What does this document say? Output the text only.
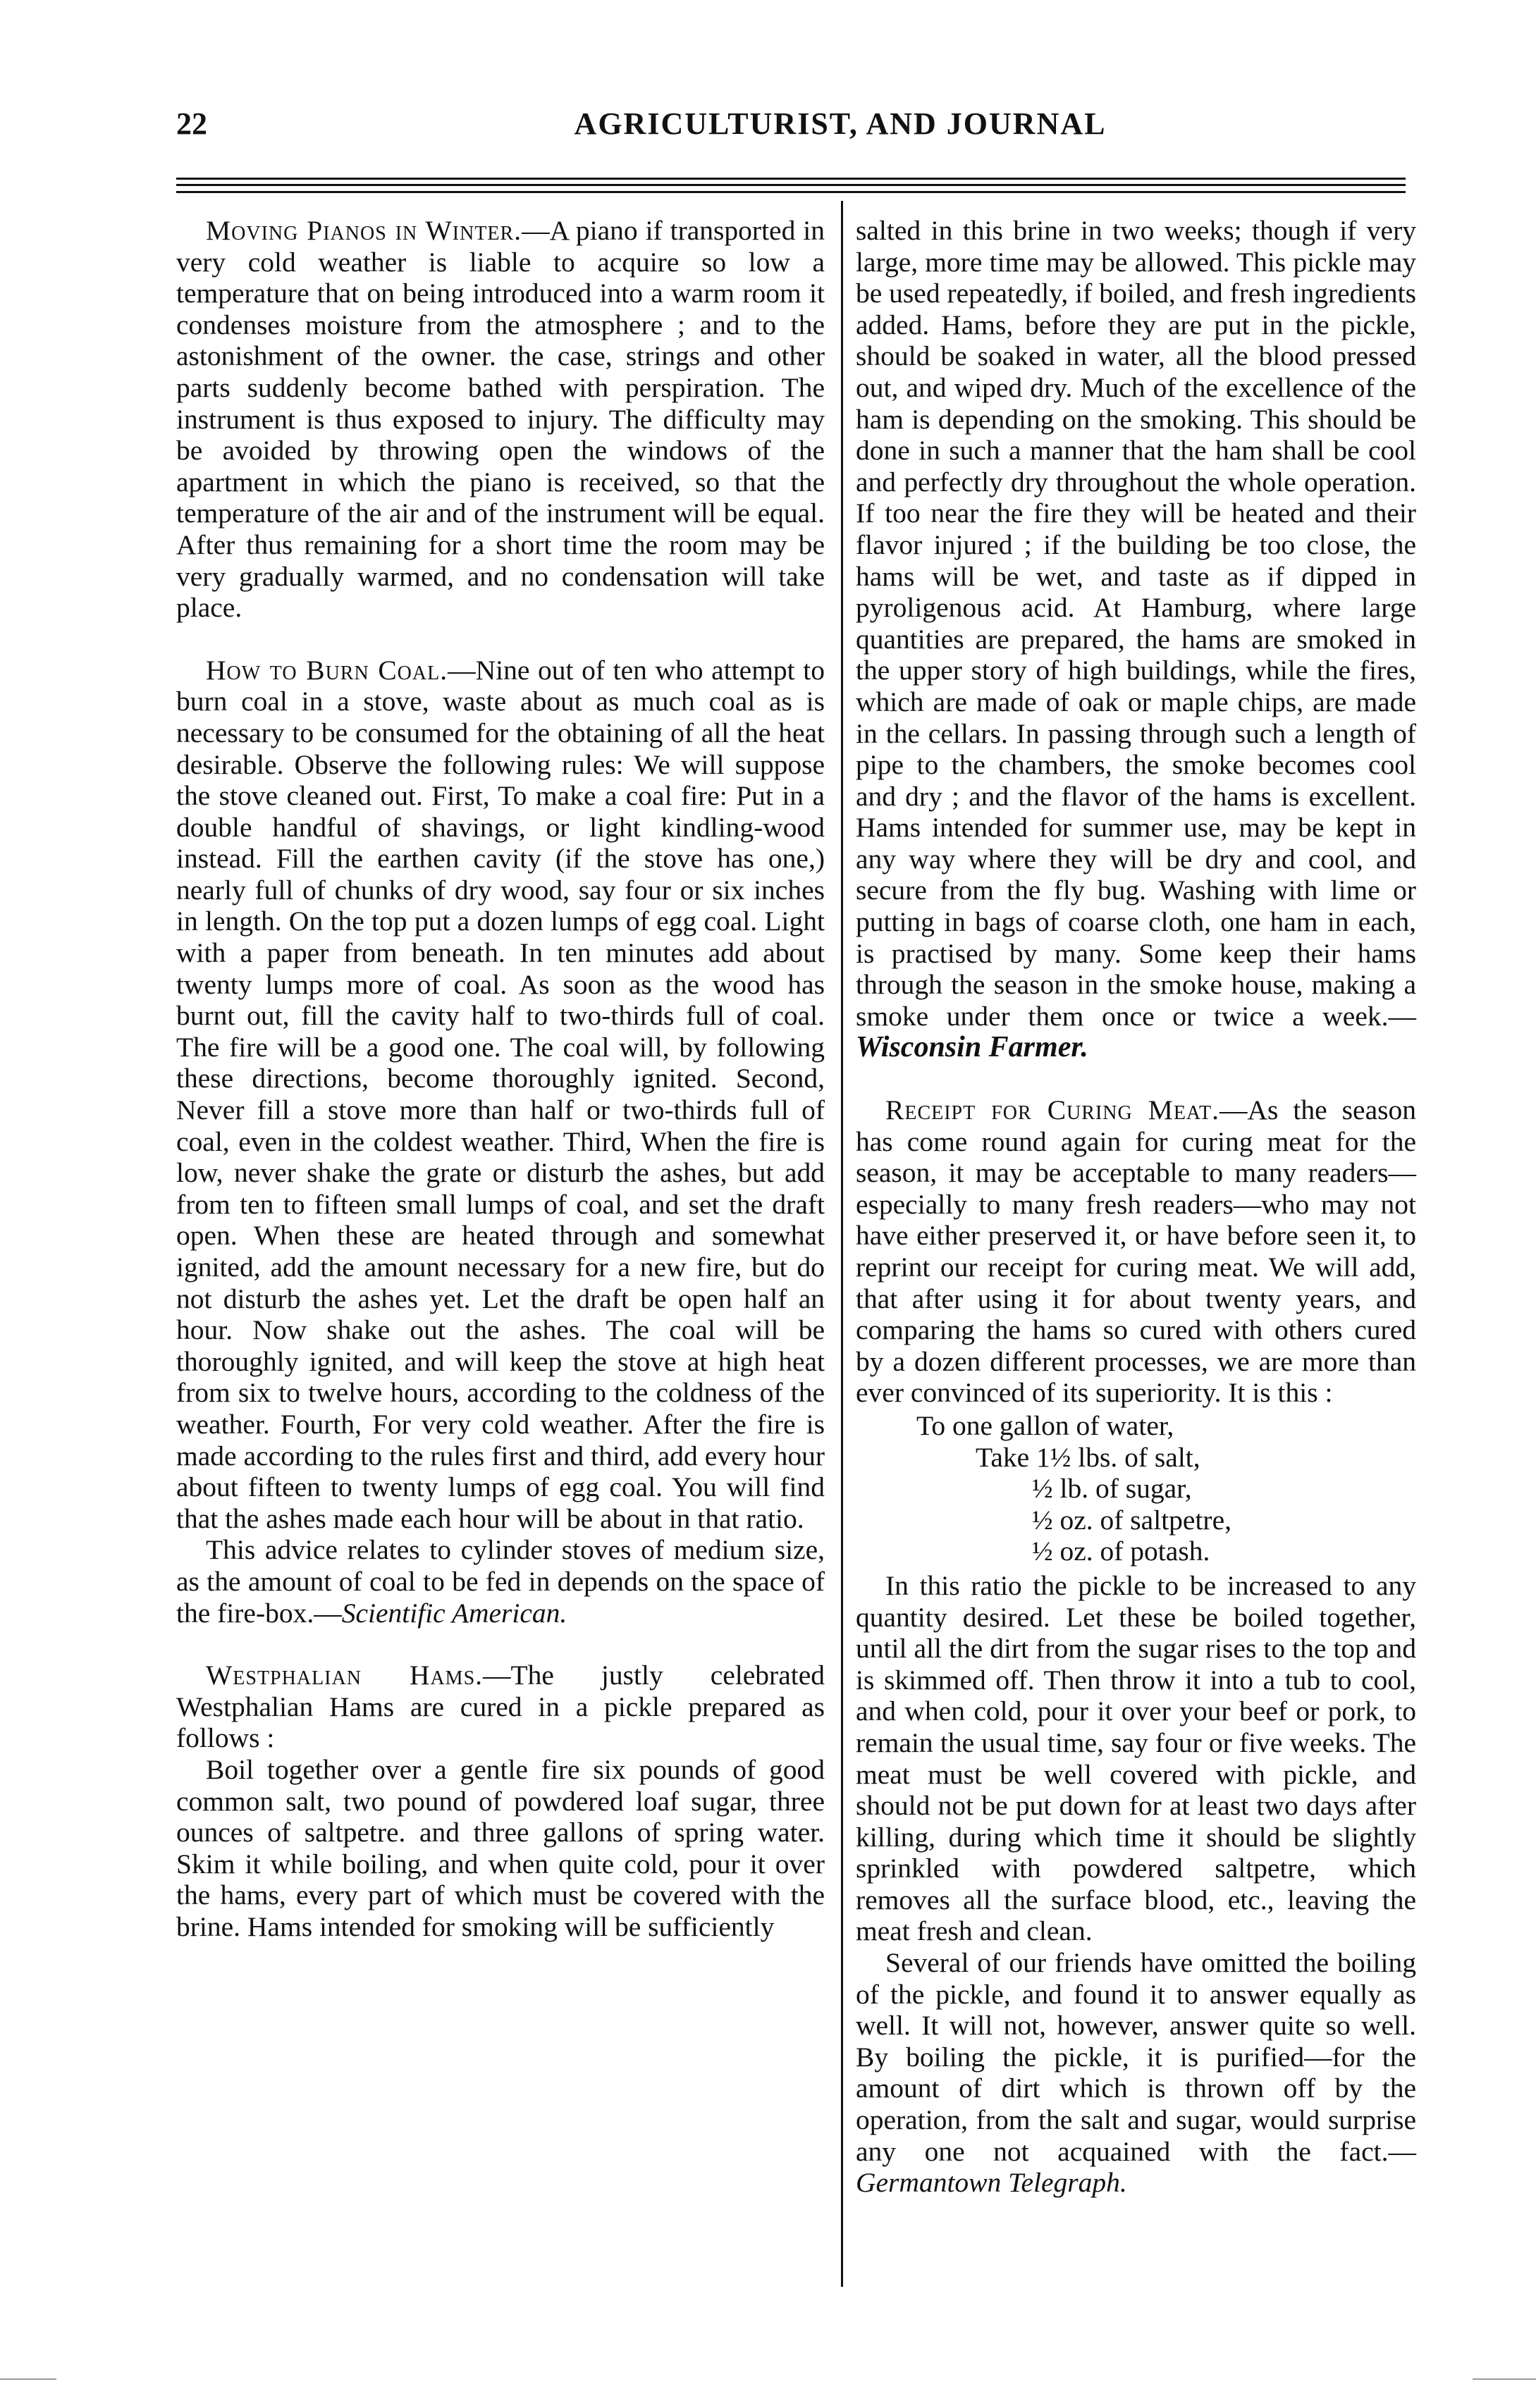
22	AGRICULTURIST, AND JOURNAL

Moving Pianos in Winter.—A piano if transported in very cold weather is liable to acquire so low a temperature that on being introduced into a warm room it condenses moisture from the atmosphere ; and to the astonishment of the owner. the case, strings and other parts suddenly become bathed with perspiration. The instrument is thus exposed to injury. The difficulty may be avoided by throwing open the windows of the apartment in which the piano is received, so that the temperature of the air and of the instrument will be equal. After thus remaining for a short time the room may be very gradually warmed, and no condensation will take place.

How to Burn Coal.—Nine out of ten who attempt to burn coal in a stove, waste about as much coal as is necessary to be consumed for the obtaining of all the heat desirable. Observe the following rules: We will suppose the stove cleaned out. First, To make a coal fire: Put in a double handful of shavings, or light kindling-wood instead. Fill the earthen cavity (if the stove has one,) nearly full of chunks of dry wood, say four or six inches in length. On the top put a dozen lumps of egg coal. Light with a paper from beneath. In ten minutes add about twenty lumps more of coal. As soon as the wood has burnt out, fill the cavity half to two-thirds full of coal. The fire will be a good one. The coal will, by following these directions, become thoroughly ignited. Second, Never fill a stove more than half or two-thirds full of coal, even in the coldest weather. Third, When the fire is low, never shake the grate or disturb the ashes, but add from ten to fifteen small lumps of coal, and set the draft open. When these are heated through and somewhat ignited, add the amount necessary for a new fire, but do not disturb the ashes yet. Let the draft be open half an hour. Now shake out the ashes. The coal will be thoroughly ignited, and will keep the stove at high heat from six to twelve hours, according to the coldness of the weather. Fourth, For very cold weather. After the fire is made according to the rules first and third, add every hour about fifteen to twenty lumps of egg coal. You will find that the ashes made each hour will be about in that ratio.

This advice relates to cylinder stoves of medium size, as the amount of coal to be fed in depends on the space of the fire-box.—Scientific American.

Westphalian Hams.—The justly celebrated Westphalian Hams are cured in a pickle prepared as follows :

Boil together over a gentle fire six pounds of good common salt, two pound of powdered loaf sugar, three ounces of saltpetre. and three gallons of spring water. Skim it while boiling, and when quite cold, pour it over the hams, every part of which must be covered with the brine. Hams intended for smoking will be sufficiently

salted in this brine in two weeks; though if very large, more time may be allowed. This pickle may be used repeatedly, if boiled, and fresh ingredients added. Hams, before they are put in the pickle, should be soaked in water, all the blood pressed out, and wiped dry. Much of the excellence of the ham is depending on the smoking. This should be done in such a manner that the ham shall be cool and perfectly dry throughout the whole operation. If too near the fire they will be heated and their flavor injured ; if the building be too close, the hams will be wet, and taste as if dipped in pyroligenous acid. At Hamburg, where large quantities are prepared, the hams are smoked in the upper story of high buildings, while the fires, which are made of oak or maple chips, are made in the cellars. In passing through such a length of pipe to the chambers, the smoke becomes cool and dry ; and the flavor of the hams is excellent. Hams intended for summer use, may be kept in any way where they will be dry and cool, and secure from the fly bug. Washing with lime or putting in bags of coarse cloth, one ham in each, is practised by many. Some keep their hams through the season in the smoke house, making a smoke under them once or twice a week.—Wisconsin Farmer.

Receipt for Curing Meat.—As the season has come round again for curing meat for the season, it may be acceptable to many readers—especially to many fresh readers—who may not have either preserved it, or have before seen it, to reprint our receipt for curing meat. We will add, that after using it for about twenty years, and comparing the hams so cured with others cured by a dozen different processes, we are more than ever convinced of its superiority. It is this :

To one gallon of water,
Take 1½ lbs. of salt,
½ lb. of sugar,
½ oz. of saltpetre,
½ oz. of potash.

In this ratio the pickle to be increased to any quantity desired. Let these be boiled together, until all the dirt from the sugar rises to the top and is skimmed off. Then throw it into a tub to cool, and when cold, pour it over your beef or pork, to remain the usual time, say four or five weeks. The meat must be well covered with pickle, and should not be put down for at least two days after killing, during which time it should be slightly sprinkled with powdered saltpetre, which removes all the surface blood, etc., leaving the meat fresh and clean.

Several of our friends have omitted the boiling of the pickle, and found it to answer equally as well. It will not, however, answer quite so well. By boiling the pickle, it is purified—for the amount of dirt which is thrown off by the operation, from the salt and sugar, would surprise any one not acquained with the fact.—Germantown Telegraph.
